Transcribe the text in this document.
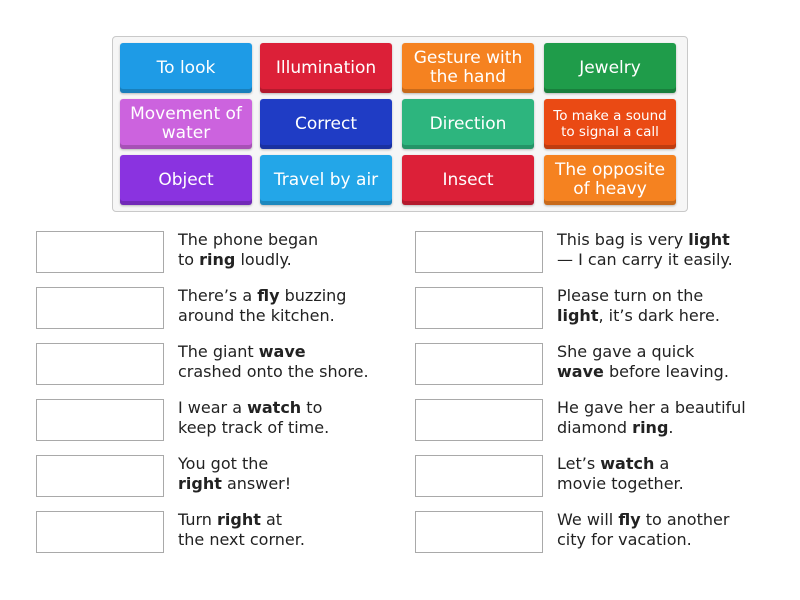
To look	Illumination	Gesture with the hand	Jewelry
Movement of water	Correct	Direction	To make a sound to signal a call
Object	Travel by air	Insect	The opposite of heavy
The phone began
to ring loudly.
This bag is very light
— I can carry it easily.
There’s a fly buzzing
around the kitchen.
Please turn on the
light, it’s dark here.
The giant wave
crashed onto the shore.
She gave a quick
wave before leaving.
I wear a watch to
keep track of time.
He gave her a beautiful
diamond ring.
You got the
right answer!
Let’s watch a
movie together.
Turn right at
the next corner.
We will fly to another
city for vacation.
